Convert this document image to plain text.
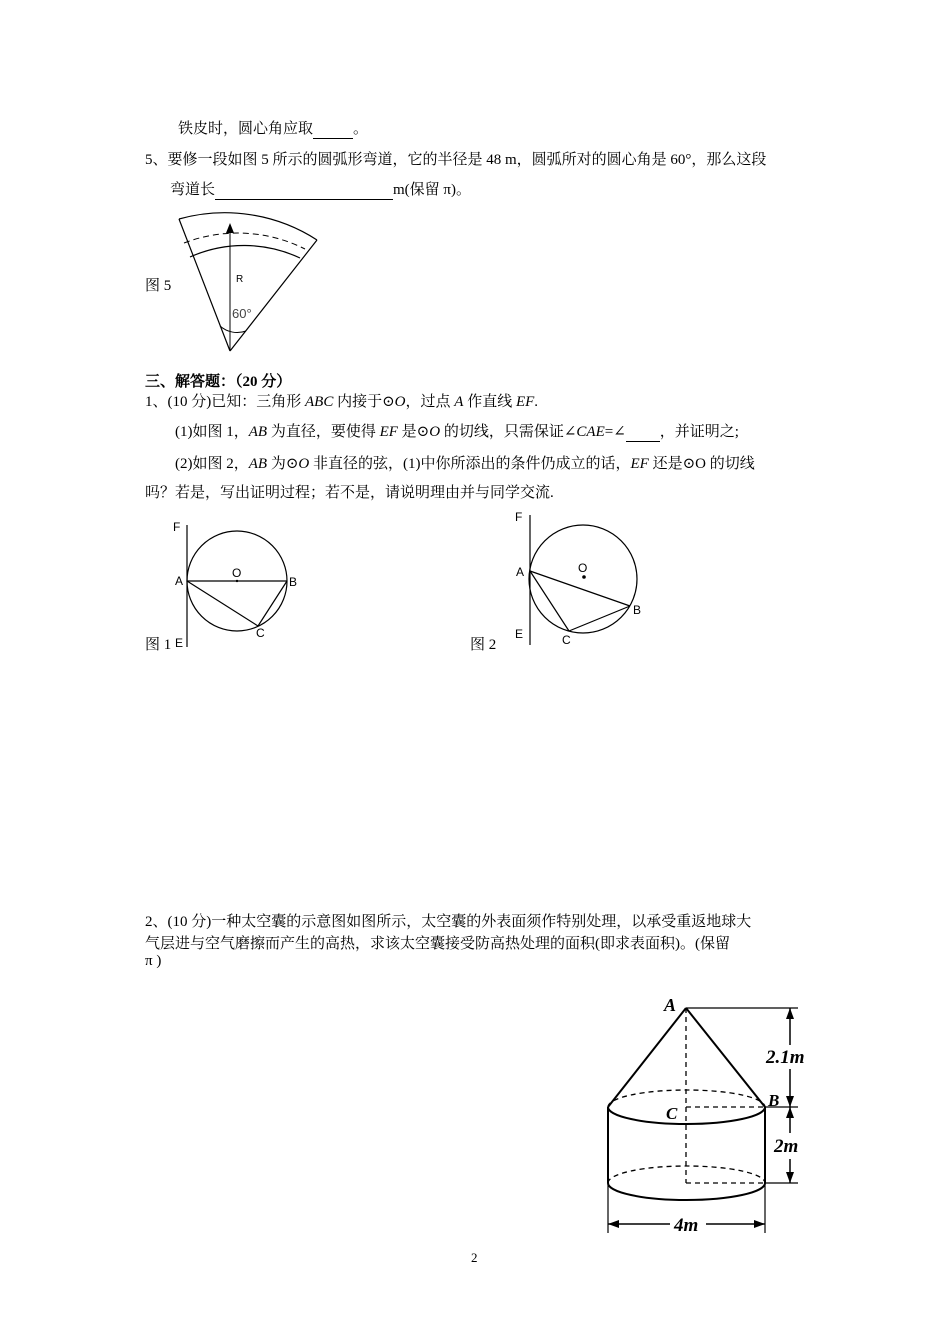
铁皮时，圆心角应取	。
5、要修一段如图 5 所示的圆弧形弯道，它的半径是 48 m，圆弧所对的圆心角是 60°，那么这段
弯道长	m(保留 π)。
R
60°
图 5
三、解答题：（20 分）
1、(10 分)已知：三角形 ABC 内接于⊙O，过点 A 作直线 EF.
(1)如图 1，AB 为直径，要使得 EF 是⊙O 的切线，只需保证∠CAE=∠ ，并证明之;
(2)如图 2，AB 为⊙O 非直径的弦，(1)中你所添出的条件仍成立的话，EF 还是⊙O 的切线
吗？若是，写出证明过程；若不是，请说明理由并与同学交流.
F
A	B
C
O
E
图 1
F
A
B
C
O
E
图 2
2、(10 分)一种太空囊的示意图如图所示，太空囊的外表面须作特别处理，以承受重返地球大
气层进与空气磨擦而产生的高热，求该太空囊接受防高热处理的面积(即求表面积)。(保留
π )
A
B
C
2.1m
2m
4m
2
